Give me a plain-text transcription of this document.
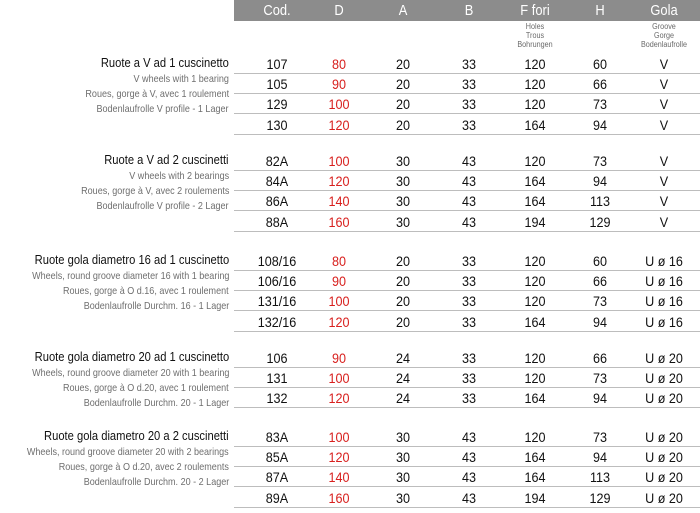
Holes
Trous
Bohrungen
Groove
Gorge
Bodenlaufrolle
Ruote a V ad 1 cuscinetto
V wheels with 1 bearing
Roues, gorge à V, avec 1 roulement
Bodenlaufrolle V profile - 1 Lager
107	80	20	33	120	60	V
105	90	20	33	120	66	V
129	100	20	33	120	73	V
130	120	20	33	164	94	V
Ruote a V ad 2 cuscinetti
V wheels with 2 bearings
Roues, gorge à V, avec 2 roulements
Bodenlaufrolle V profile - 2 Lager
82A	100	30	43	120	73	V
84A	120	30	43	164	94	V
86A	140	30	43	164	113	V
88A	160	30	43	194	129	V
Ruote gola diametro 16 ad 1 cuscinetto
Wheels, round groove diameter 16 with 1 bearing
Roues, gorge à O d.16, avec 1 roulement
Bodenlaufrolle Durchm. 16 - 1 Lager
108/16	80	20	33	120	60	U ø 16
106/16	90	20	33	120	66	U ø 16
131/16 100	20	33	120	73	U ø 16
132/16 120	20	33	164	94	U ø 16
Ruote gola diametro 20 ad 1 cuscinetto
Wheels, round groove diameter 20 with 1 bearing
Roues, gorge à O d.20, avec 1 roulement
Bodenlaufrolle Durchm. 20 - 1 Lager
106	90	24	33	120	66	U ø 20
131	100	24	33	120	73	U ø 20
132	120	24	33	164	94	U ø 20
Ruote gola diametro 20 a 2 cuscinetti
Wheels, round groove diameter 20 with 2 bearings
Roues, gorge à O d.20, avec 2 roulements
Bodenlaufrolle Durchm. 20 - 2 Lager
83A	100	30	43	120	73	U ø 20
85A	120	30	43	164	94	U ø 20
87A	140	30	43	164	113	U ø 20
89A	160	30	43	194	129 U ø 20
Cod.	D	A	B	F fori	H	Gola
